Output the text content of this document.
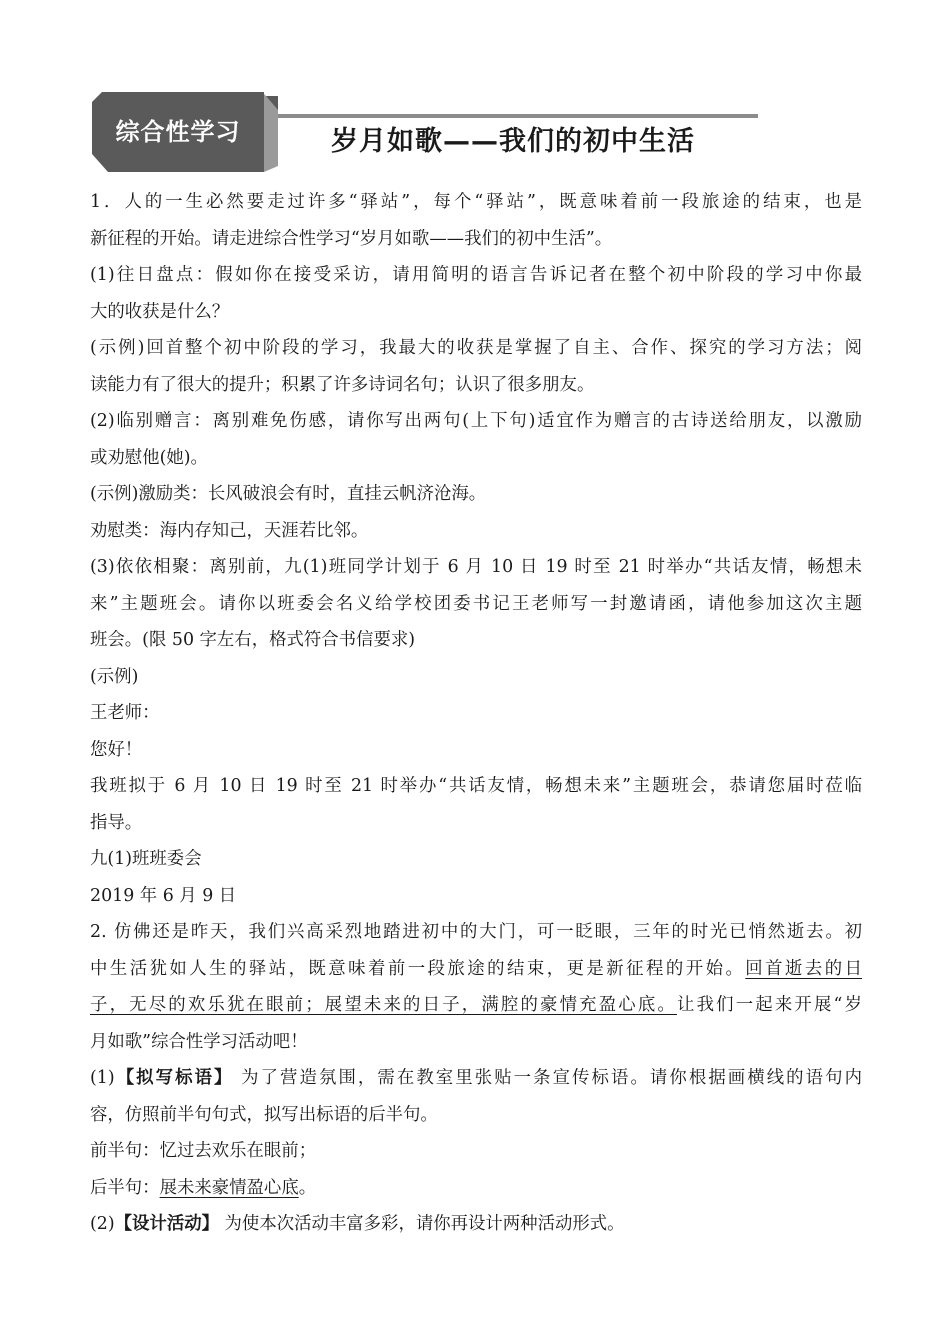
综合性学习	岁月如歌——我们的初中生活
1．人的一生必然要走过许多“驿站”，每个“驿站”，既意味着前一段旅途的结束，也是
新征程的开始。请走进综合性学习“岁月如歌——我们的初中生活”。
(1)往日盘点：假如你在接受采访，请用简明的语言告诉记者在整个初中阶段的学习中你最
大的收获是什么？
(示例)回首整个初中阶段的学习，我最大的收获是掌握了自主、合作、探究的学习方法；阅
读能力有了很大的提升；积累了许多诗词名句；认识了很多朋友。
(2)临别赠言：离别难免伤感，请你写出两句(上下句)适宜作为赠言的古诗送给朋友，以激励
或劝慰他(她)。
(示例)激励类：长风破浪会有时，直挂云帆济沧海。
劝慰类：海内存知己，天涯若比邻。
(3)依依相聚：离别前，九(1)班同学计划于 6 月 10 日 19 时至 21 时举办“共话友情，畅想未
来”主题班会。请你以班委会名义给学校团委书记王老师写一封邀请函，请他参加这次主题
班会。(限 50 字左右，格式符合书信要求)
(示例)
王老师：
您好！
我班拟于 6 月 10 日 19 时至 21 时举办“共话友情，畅想未来”主题班会，恭请您届时莅临
指导。
九(1)班班委会
2019 年 6 月 9 日
2. 仿佛还是昨天，我们兴高采烈地踏进初中的大门，可一眨眼，三年的时光已悄然逝去。初
中生活犹如人生的驿站，既意味着前一段旅途的结束，更是新征程的开始。回首逝去的日
子，无尽的欢乐犹在眼前；展望未来的日子，满腔的豪情充盈心底。让我们一起来开展“岁
月如歌”综合性学习活动吧！
(1)【拟写标语】 为了营造氛围，需在教室里张贴一条宣传标语。请你根据画横线的语句内
容，仿照前半句句式，拟写出标语的后半句。
前半句：忆过去欢乐在眼前；
后半句：展未来豪情盈心底。
(2)【设计活动】 为使本次活动丰富多彩，请你再设计两种活动形式。
